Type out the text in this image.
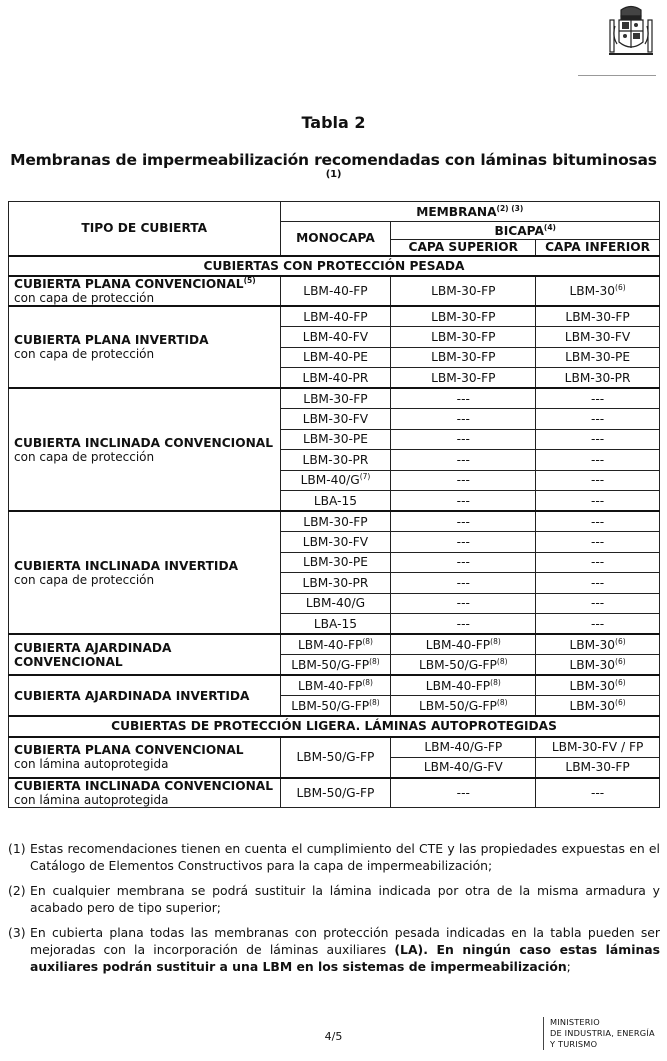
Tabla 2
Membranas de impermeabilización recomendadas con láminas bituminosas $^{(1)}$
TIPO DE CUBIERTA	$MEMBRANA^{(2) (3)}$
	MONOCAPA	BICAPA$^{(4)}$
		CAPA SUPERIOR	CAPA INFERIOR
CUBIERTAS CON PROTECCIÓN PESADA			

CUBIERTA PLANA CONVENCIONAL$^{(5)}$
con capa de protección	LBM-40-FP	LBM-30-FP	LBM-30$^{(6)}$

CUBIERTA PLANA INVERTIDA
con capa de protección	LBM-40-FP	LBM-30-FP	LBM-30-FP
	LBM-40-FV	LBM-30-FP	LBM-30-FV
	LBM-40-PE	LBM-30-FP	LBM-30-PE
	LBM-40-PR	LBM-30-FP	LBM-30-PR

CUBIERTA INCLINADA CONVENCIONAL
con capa de protección	LBM-30-FP	---	---
	LBM-30-FV	---	---
	LBM-30-PE	---	---
	LBM-30-PR	---	---
	LBM-$40/G^{(7)}$	---	---
	LBA-15	---	---

CUBIERTA INCLINADA INVERTIDA
con capa de protección	LBM-30-FP	---	---
	LBM-30-FV	---	---
	LBM-30-PE	---	---
	LBM-30-PR	---	---
	LBM-40/G	---	---
	LBA-15	---	---

CUBIERTA AJARDINADA CONVENCIONAL	LBM-40-FP$^{(8)}$	LBM-40-FP$^{(8)}$	LBM-30$^{(6)}$
	LBM-50/G-FP$^{(8)}$	LBM-50/G-FP$^{(8)}$	LBM-30$^{(6)}$

CUBIERTA AJARDINADA INVERTIDA	LBM-40-FP$^{(8)}$	LBM-40-FP$^{(8)}$	LBM-30$^{(6)}$
	LBM-50/G-FP$^{(8)}$	LBM-50/G-FP$^{(8)}$	LBM-30$^{(6)}$
CUBIERTAS DE PROTECCIÓN LIGERA. LÁMINAS AUTOPROTEGIDAS			

CUBIERTA PLANA CONVENCIONAL
con lámina autoprotegida	LBM-50/G-FP	LBM-40/G-FP	LBM-30-FV / FP
		LBM-40/G-FV	LBM-30-FP

CUBIERTA INCLINADA CONVENCIONAL
con lámina autoprotegida	LBM-50/G-FP	---	---
(1) Estas recomendaciones tienen en cuenta el cumplimiento del CTE y las propiedades expuestas en el Catálogo de Elementos Constructivos para la capa de impermeabilización;
(2) En cualquier membrana se podrá sustituir la lámina indicada por otra de la misma armadura y acabado pero de tipo superior;
(3) En cubierta plana todas las membranas con protección pesada indicadas en la tabla pueden ser mejoradas con la incorporación de láminas auxiliares (LA). En ningún caso estas láminas auxiliares podrán sustituir a una LBM en los sistemas de impermeabilización;
4/5
MINISTERIO
DE INDUSTRIA, ENERGÍA
Y TURISMO
